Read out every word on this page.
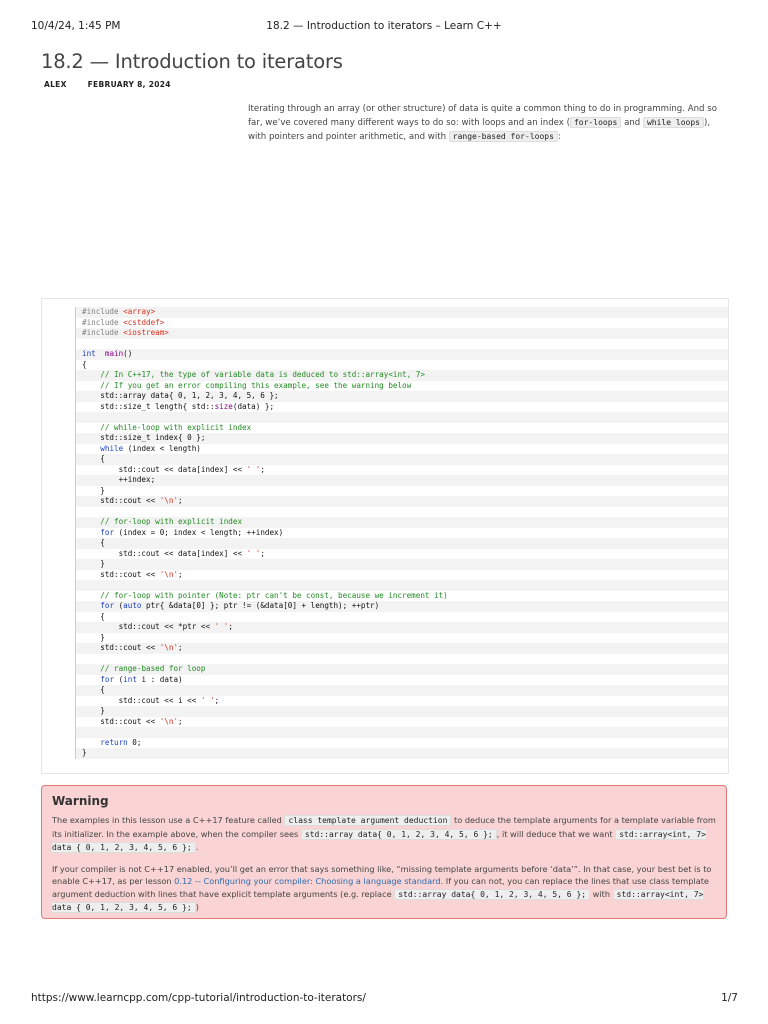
10/4/24, 1:45 PM	18.2 — Introduction to iterators – Learn C++
18.2 — Introduction to iterators
ALEX	FEBRUARY 8, 2024
Iterating through an array (or other structure) of data is quite a common thing to do in programming. And so far, we’ve covered many different ways to do so: with loops and an index ( for-loops and while loops ), with pointers and pointer arithmetic, and with range-based for-loops :
#include <array>
#include <cstddef>
#include <iostream>

int main()
{
// In C++17, the type of variable data is deduced to std::array<int, 7>
// If you get an error compiling this example, see the warning below
std::array data{ 0, 1, 2, 3, 4, 5, 6 };
std::size_t length{ std::size(data) };

// while-loop with explicit index
std::size_t index{ 0 };
while (index < length)
{
std::cout << data[index] << ' ';
++index;
}
std::cout << '\n';

// for-loop with explicit index
for (index = 0; index < length; ++index)
{
std::cout << data[index] << ' ';
}
std::cout << '\n';

// for-loop with pointer (Note: ptr can't be const, because we increment it)
for (auto ptr{ &data[0] }; ptr != (&data[0] + length); ++ptr)
{
std::cout << *ptr << ' ';
}
std::cout << '\n';

// range-based for loop
for (int i : data)
{
std::cout << i << ' ';
}
std::cout << '\n';

return 0;
}
Warning

The examples in this lesson use a C++17 feature called class template argument deduction to deduce the template arguments for a template variable from its initializer. In the example above, when the compiler sees std::array data{ 0, 1, 2, 3, 4, 5, 6 }; , it will deduce that we want std::array<int, 7> data { 0, 1, 2, 3, 4, 5, 6 }; .

If your compiler is not C++17 enabled, you’ll get an error that says something like, “missing template arguments before ‘data’”. In that case, your best bet is to enable C++17, as per lesson 0.12 -- Configuring your compiler: Choosing a language standard. If you can not, you can replace the lines that use class template argument deduction with lines that have explicit template arguments (e.g. replace std::array data{ 0, 1, 2, 3, 4, 5, 6 }; with std::array<int, 7> data { 0, 1, 2, 3, 4, 5, 6 }; )

https://www.learncpp.com/cpp-tutorial/introduction-to-iterators/	1/7
